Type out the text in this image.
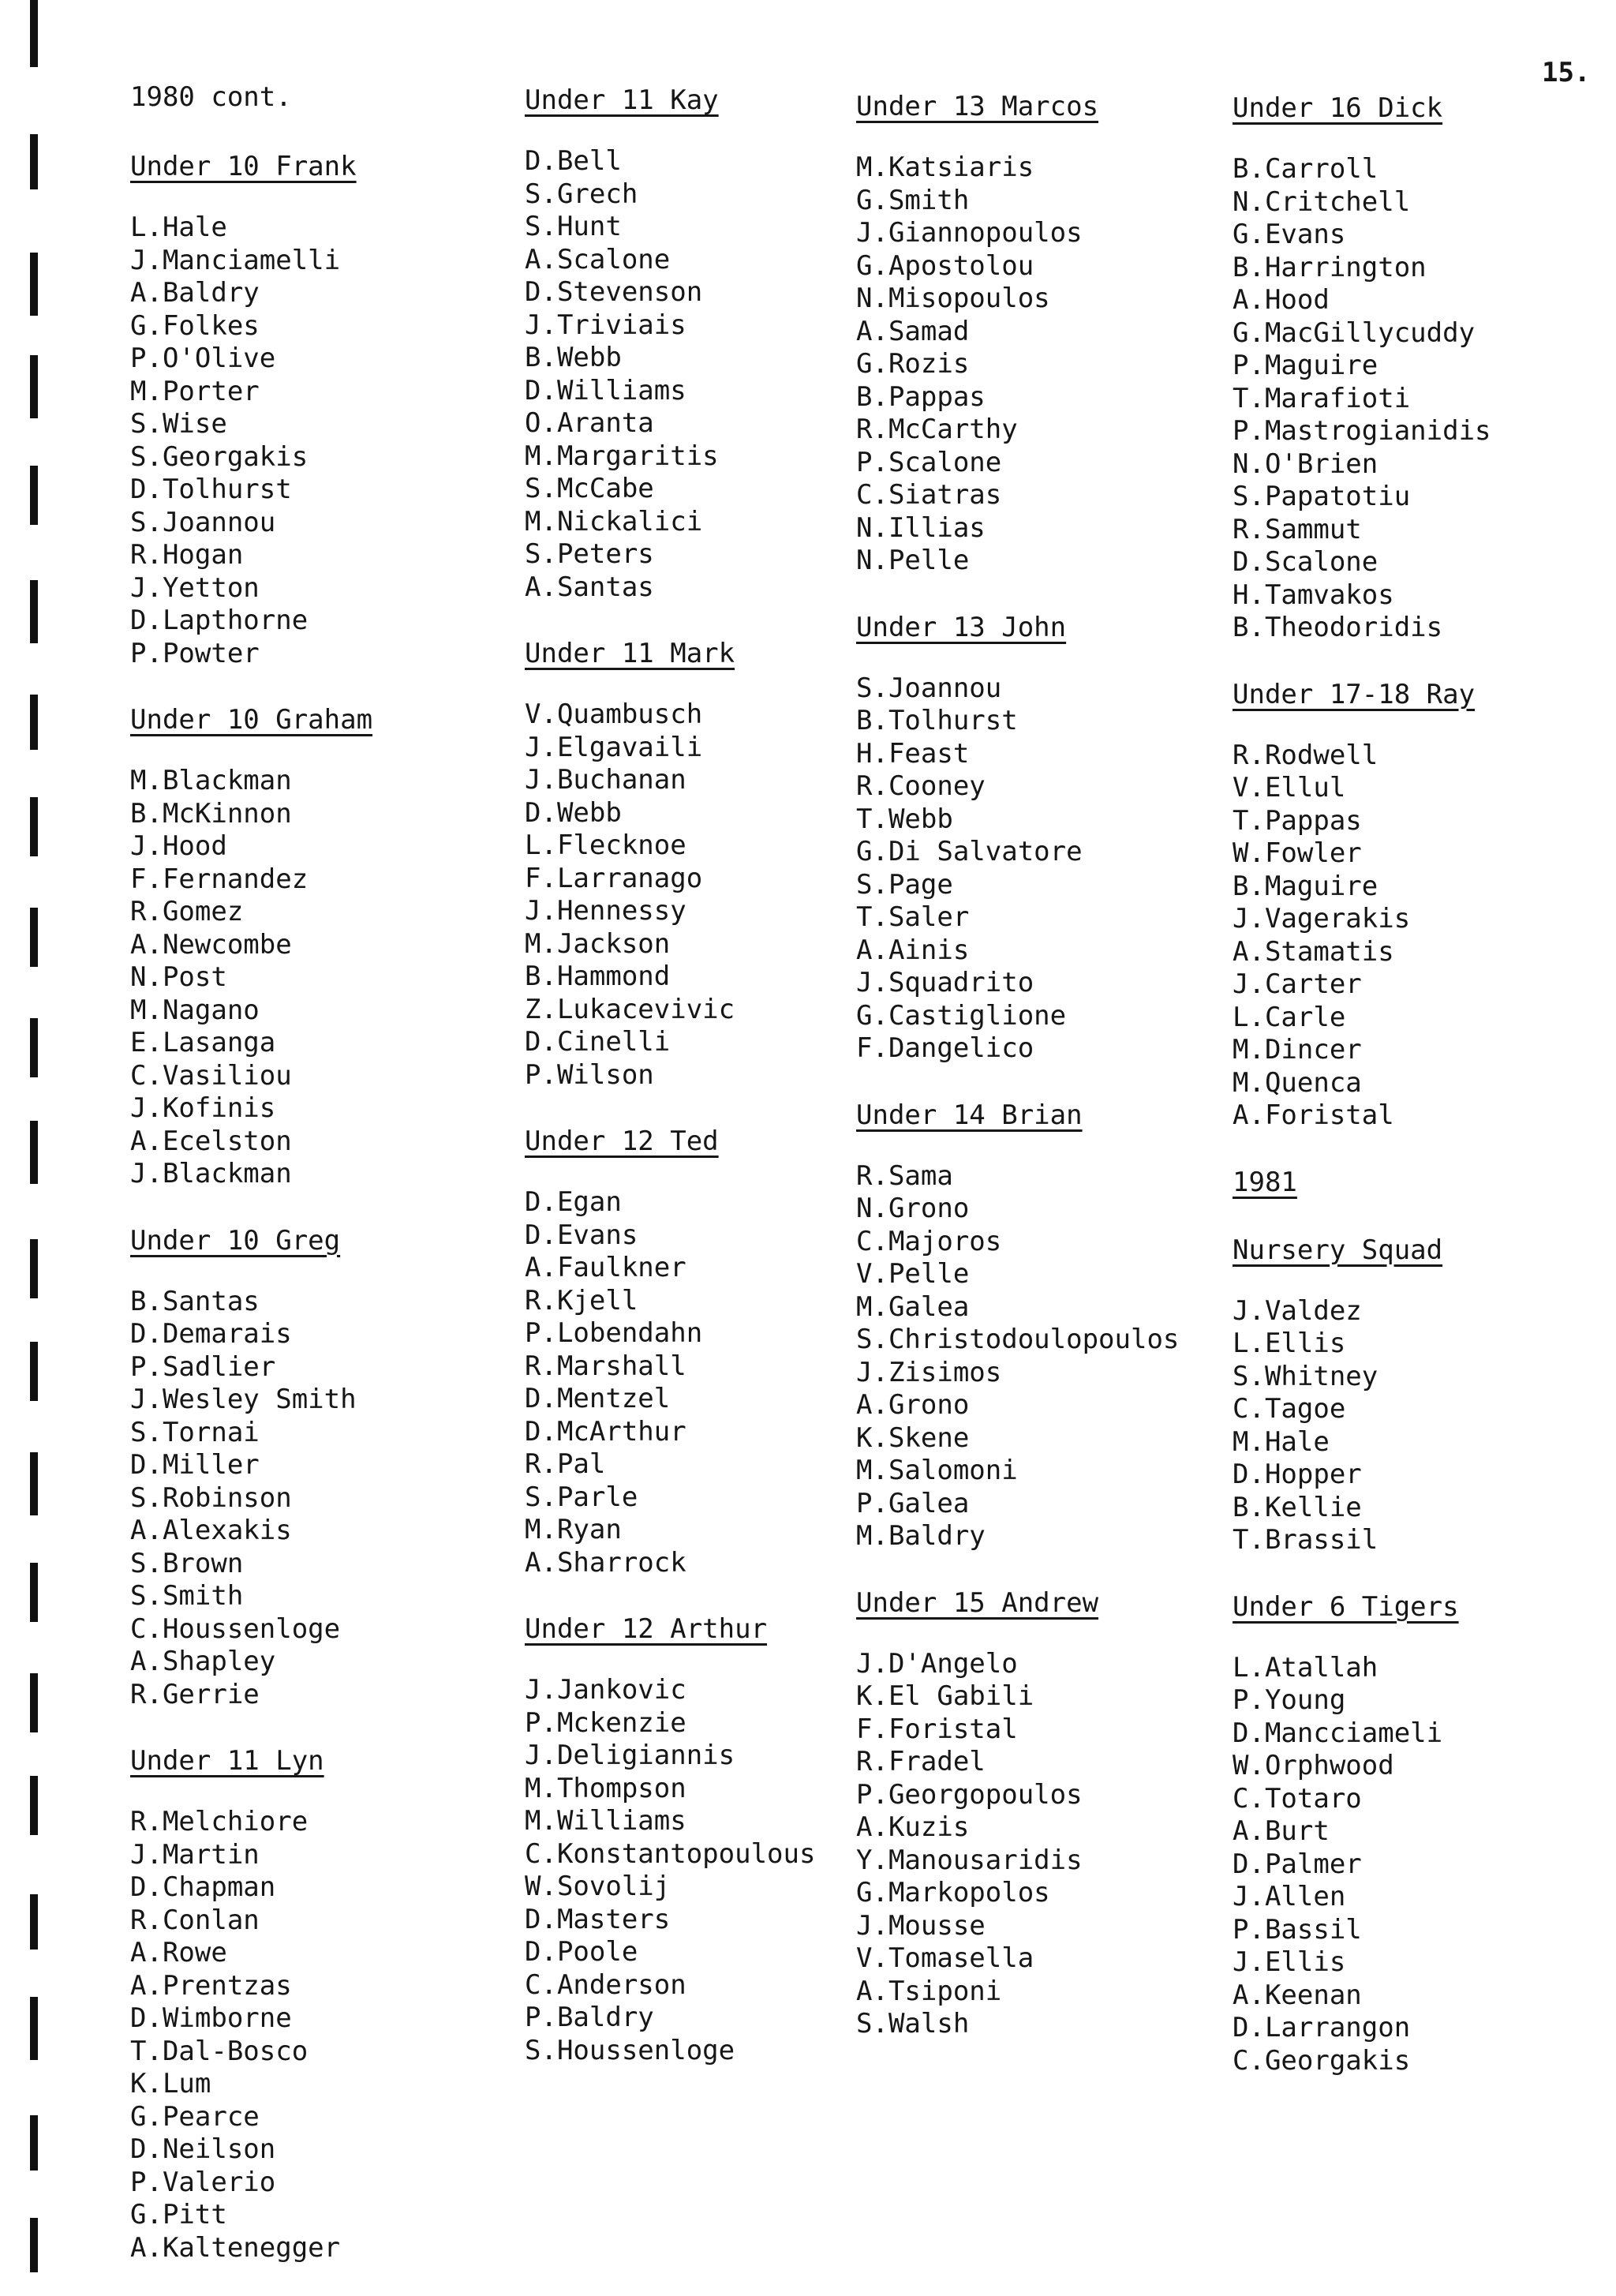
15.
1980 cont.
Under 10 Frank
L.Hale
J.Manciamelli
A.Baldry
G.Folkes
P.O'Olive
M.Porter
S.Wise
S.Georgakis
D.Tolhurst
S.Joannou
R.Hogan
J.Yetton
D.Lapthorne
P.Powter
Under 10 Graham
M.Blackman
B.McKinnon
J.Hood
F.Fernandez
R.Gomez
A.Newcombe
N.Post
M.Nagano
E.Lasanga
C.Vasiliou
J.Kofinis
A.Ecelston
J.Blackman
Under 10 Greg
B.Santas
D.Demarais
P.Sadlier
J.Wesley Smith
S.Tornai
D.Miller
S.Robinson
A.Alexakis
S.Brown
S.Smith
C.Houssenloge
A.Shapley
R.Gerrie
Under 11 Lyn
R.Melchiore
J.Martin
D.Chapman
R.Conlan
A.Rowe
A.Prentzas
D.Wimborne
T.Dal-Bosco
K.Lum
G.Pearce
D.Neilson
P.Valerio
G.Pitt
A.Kaltenegger
Under 11 Kay
D.Bell
S.Grech
S.Hunt
A.Scalone
D.Stevenson
J.Triviais
B.Webb
D.Williams
O.Aranta
M.Margaritis
S.McCabe
M.Nickalici
S.Peters
A.Santas
Under 11 Mark
V.Quambusch
J.Elgavaili
J.Buchanan
D.Webb
L.Flecknoe
F.Larranago
J.Hennessy
M.Jackson
B.Hammond
Z.Lukacevivic
D.Cinelli
P.Wilson
Under 12 Ted
D.Egan
D.Evans
A.Faulkner
R.Kjell
P.Lobendahn
R.Marshall
D.Mentzel
D.McArthur
R.Pal
S.Parle
M.Ryan
A.Sharrock
Under 12 Arthur
J.Jankovic
P.Mckenzie
J.Deligiannis
M.Thompson
M.Williams
C.Konstantopoulous
W.Sovolij
D.Masters
D.Poole
C.Anderson
P.Baldry
S.Houssenloge
Under 13 Marcos
M.Katsiaris
G.Smith
J.Giannopoulos
G.Apostolou
N.Misopoulos
A.Samad
G.Rozis
B.Pappas
R.McCarthy
P.Scalone
C.Siatras
N.Illias
N.Pelle
Under 13 John
S.Joannou
B.Tolhurst
H.Feast
R.Cooney
T.Webb
G.Di Salvatore
S.Page
T.Saler
A.Ainis
J.Squadrito
G.Castiglione
F.Dangelico
Under 14 Brian
R.Sama
N.Grono
C.Majoros
V.Pelle
M.Galea
S.Christodoulopoulos
J.Zisimos
A.Grono
K.Skene
M.Salomoni
P.Galea
M.Baldry
Under 15 Andrew
J.D'Angelo
K.El Gabili
F.Foristal
R.Fradel
P.Georgopoulos
A.Kuzis
Y.Manousaridis
G.Markopolos
J.Mousse
V.Tomasella
A.Tsiponi
S.Walsh
Under 16 Dick
B.Carroll
N.Critchell
G.Evans
B.Harrington
A.Hood
G.MacGillycuddy
P.Maguire
T.Marafioti
P.Mastrogianidis
N.O'Brien
S.Papatotiu
R.Sammut
D.Scalone
H.Tamvakos
B.Theodoridis
Under 17-18 Ray
R.Rodwell
V.Ellul
T.Pappas
W.Fowler
B.Maguire
J.Vagerakis
A.Stamatis
J.Carter
L.Carle
M.Dincer
M.Quenca
A.Foristal
1981
Nursery Squad
J.Valdez
L.Ellis
S.Whitney
C.Tagoe
M.Hale
D.Hopper
B.Kellie
T.Brassil
Under 6 Tigers
L.Atallah
P.Young
D.Mancciameli
W.Orphwood
C.Totaro
A.Burt
D.Palmer
J.Allen
P.Bassil
J.Ellis
A.Keenan
D.Larrangon
C.Georgakis
